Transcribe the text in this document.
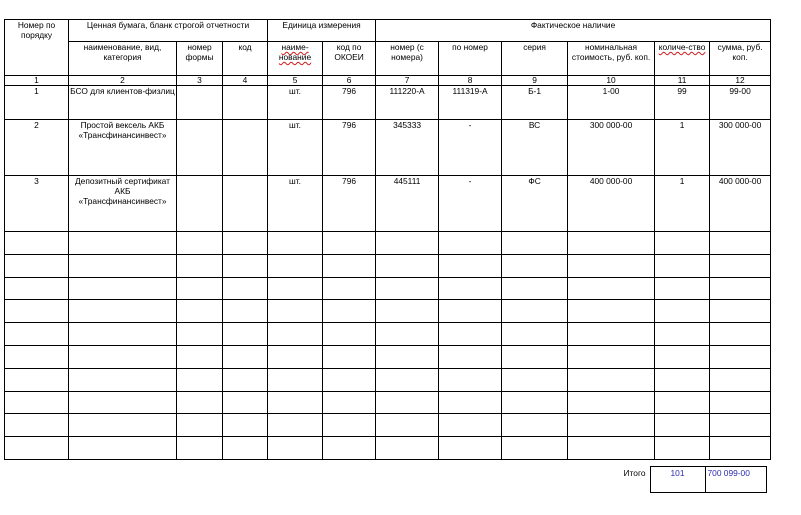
Номер по порядку	Ценная бумага, бланк строгой отчетности			Единица измерения		Фактическое наличие					
	наименование, вид, категория	номер формы	код	наиме-нование	код по ОКОЕИ	номер (с номера)	по номер	серия	номинальная стоимость, руб. коп.	количе-ство	сумма, руб. коп.
1	2	3	4	5	6	7	8	9	10	11	12
1	БСО для клиентов-физлиц			шт.	796	111220-А	111319-А	Б-1	1-00	99	99-00
2	Простой вексель АКБ «Трансфинансинвест»			шт.	796	345333	-	ВС	300 000-00	1	300 000-00
3	Депозитный сертификат АКБ «Трансфинансинвест»			шт.	796	445111	-	ФС	400 000-00	1	400 000-00

Итого	101	700 099-00
